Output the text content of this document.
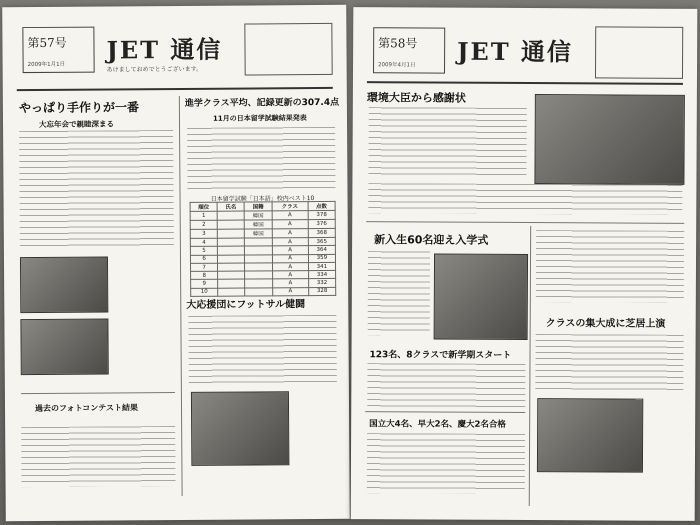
第57号
2009年1月1日
JET 通信
あけましておめでとうございます。
やっぱり手作りが一番
大忘年会で親睦深まる
過去のフォトコンテスト結果
進学クラス平均、記録更新の307.4点
11月の日本留学試験結果発表
日本留学試験「日本語」校内ベスト10
順位	氏名	国籍	クラス	点数
1		韓国	A	378
2		韓国	A	376
3		韓国	A	368
4			A	365
5			A	364
6			A	359
7			A	341
8			A	334
9			A	332
10			A	328
大応援団にフットサル健闘
第58号
2009年4月1日 JET 通信
環境大臣から感謝状
新入生60名迎え入学式
123名、8クラスで新学期スタート
国立大4名、早大2名、慶大2名合格
クラスの集大成に芝居上演
